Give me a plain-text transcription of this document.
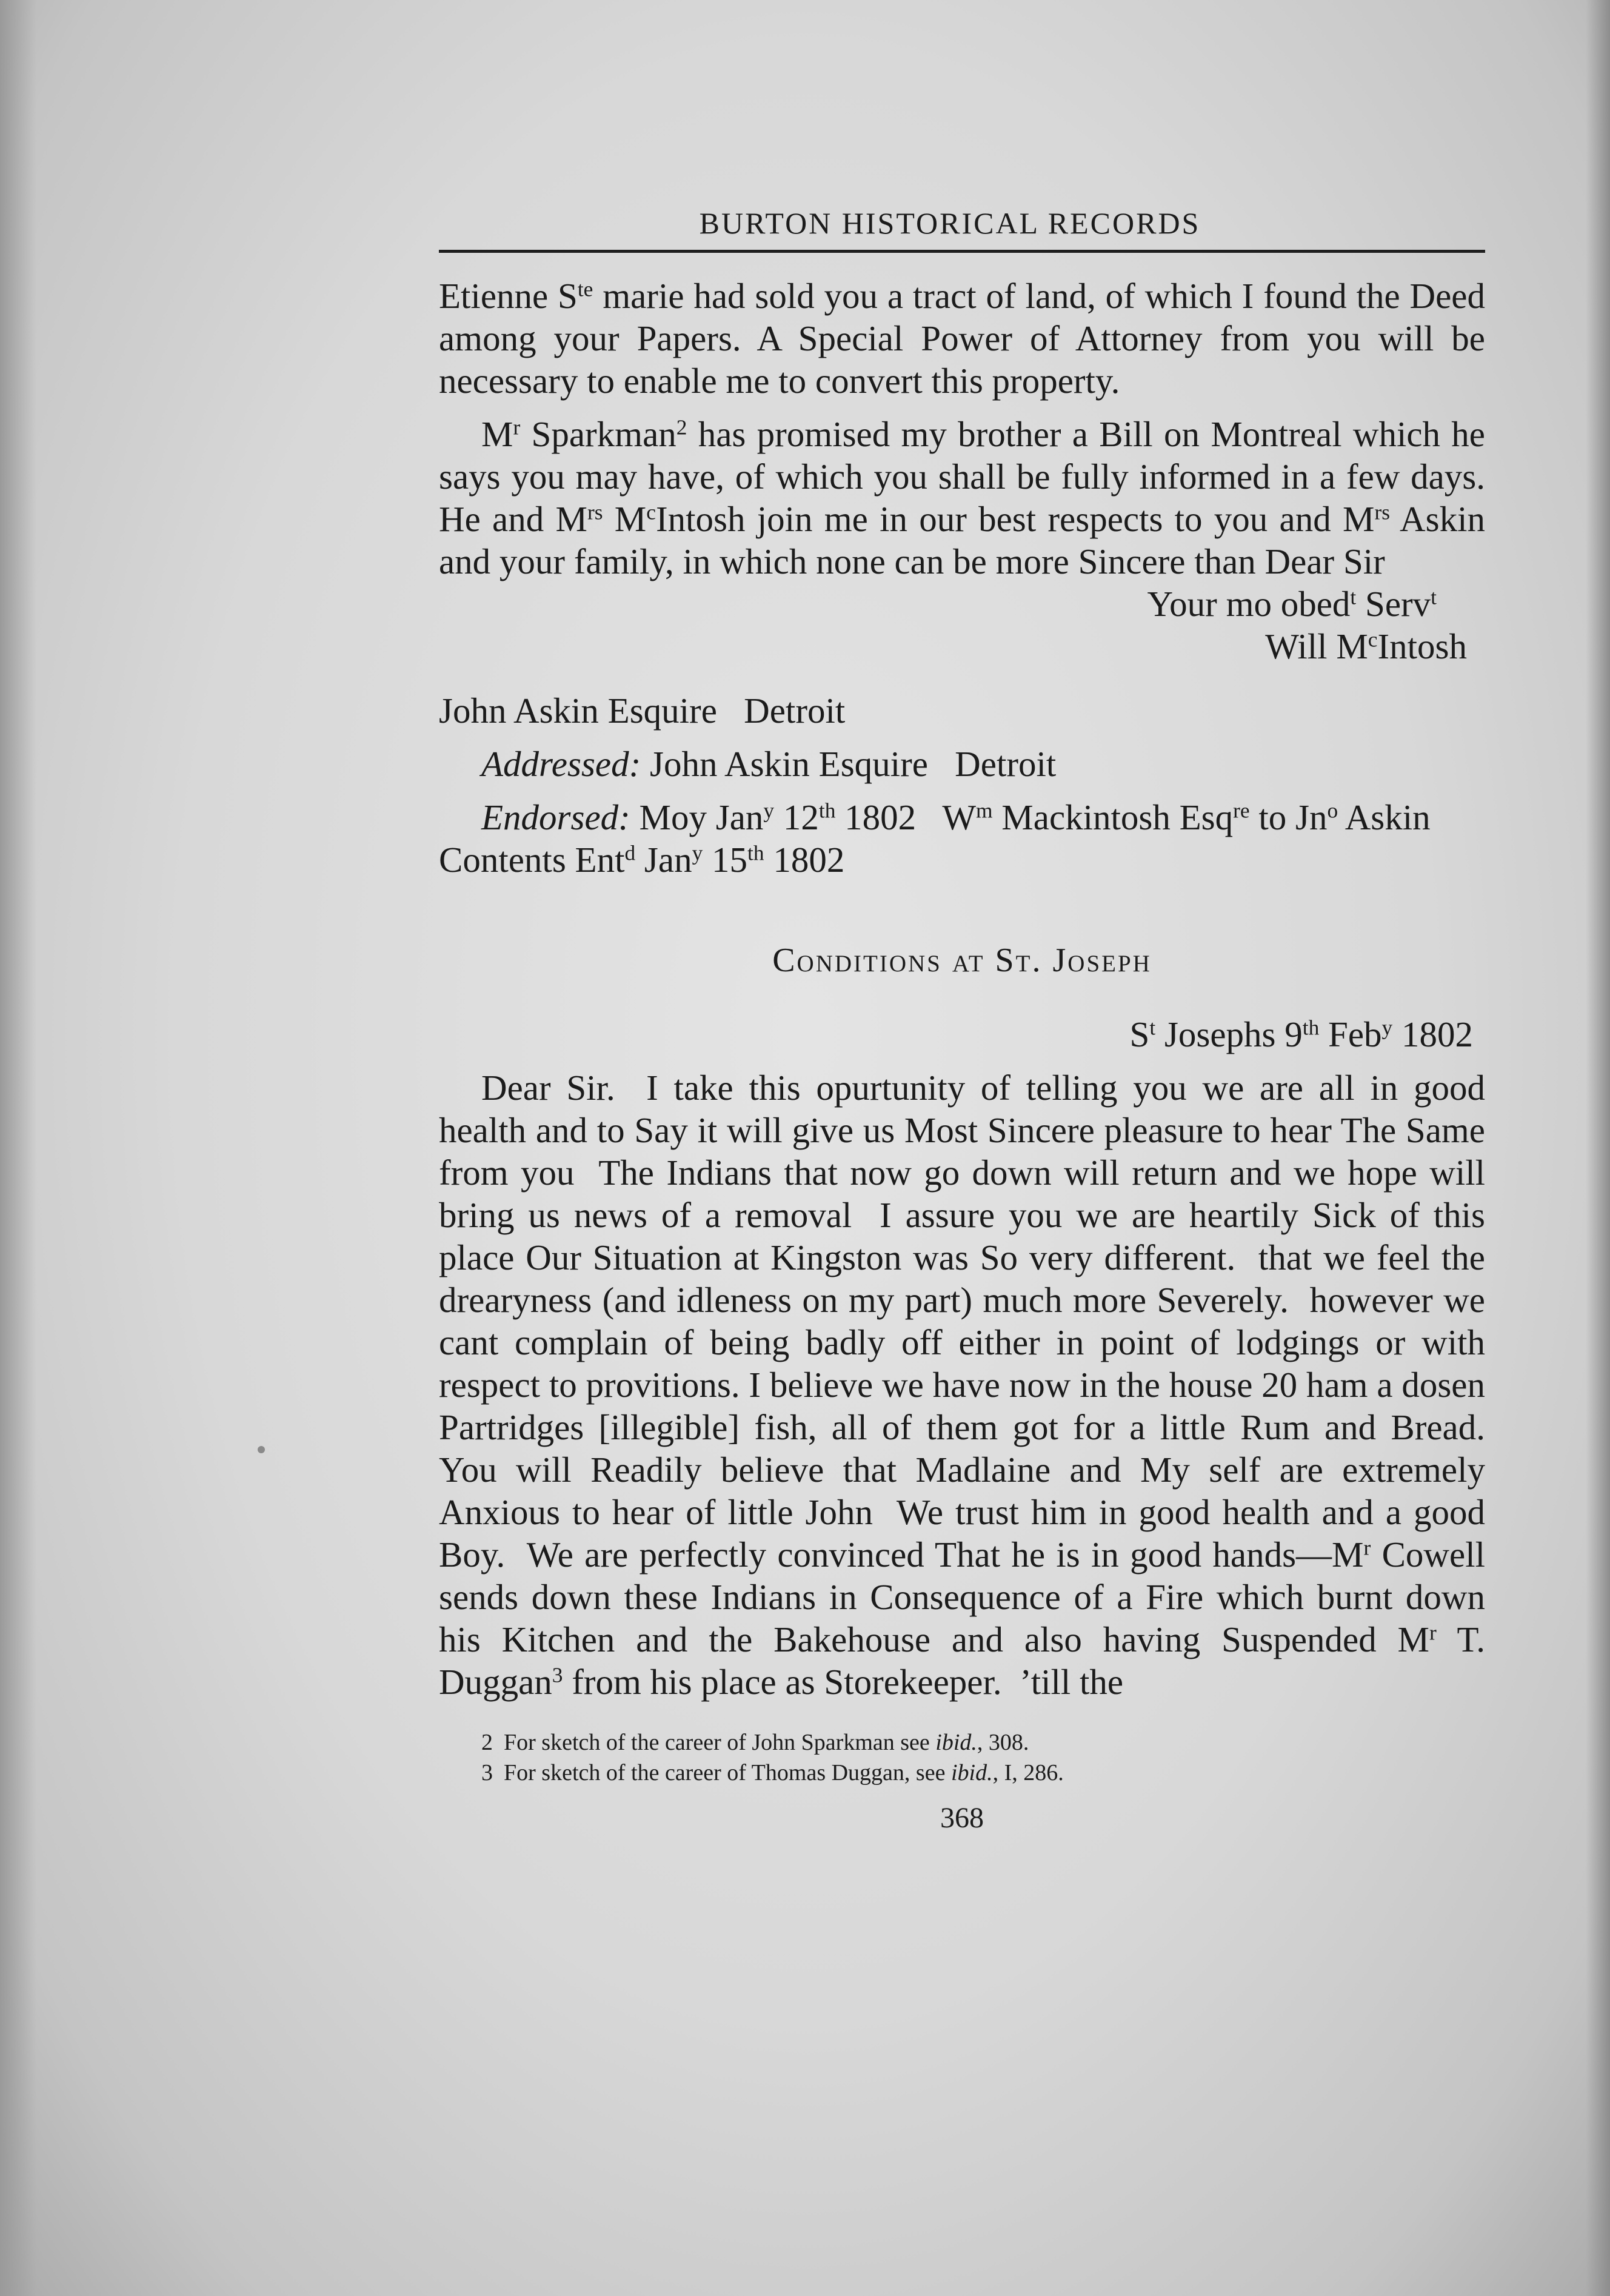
BURTON HISTORICAL RECORDS

Etienne $S^{te}$ marie had sold you a tract of land, of which I found the Deed among your Papers. A Special Power of Attorney from you will be necessary to enable me to convert this property.

$M^r$ Sparkman$^2$ has promised my brother a Bill on Montreal which he says you may have, of which you shall be fully informed in a few days. He and $M^{rs}$ $M^cIntosh$ join me in our best respects to you and $M^{rs}$ Askin and your family, in which none can be more Sincere than Dear Sir

Your mo obed$^t$ Serv$^t$

Will $M^cIntosh$

John Askin Esquire   Detroit

Addressed: John Askin Esquire   Detroit

Endorsed: Moy Jan$^y$ 12th 1802   $W^m$ Mackintosh Esq$^{re}$ to Jn$^o$ Askin   Contents Ent$^d$ Jan$^y$ 15th 1802

Conditions at St. Joseph

$S^t$ Josephs 9th Feb$^y$ 1802

Dear Sir.  I take this opurtunity of telling you we are all in good health and to Say it will give us Most Sincere pleasure to hear The Same from you  The Indians that now go down will return and we hope will bring us news of a removal  I assure you we are heartily Sick of this place Our Situation at Kingston was So very different.  that we feel the drearyness (and idleness on my part) much more Severely.  however we cant complain of being badly off either in point of lodgings or with respect to provitions. I believe we have now in the house 20 ham a dosen Partridges [illegible] fish, all of them got for a little Rum and Bread.  You will Readily believe that Madlaine and My self are extremely Anxious to hear of little John  We trust him in good health and a good Boy.  We are perfectly convinced That he is in good $hands—M^r$ Cowell sends down these Indians in Consequence of a Fire which burnt down his Kitchen and the Bakehouse and also having Suspended $M^r$ T. Duggan$^3$ from his place as Storekeeper.  ’till the

2 For sketch of the career of John Sparkman see ibid., 308.
3 For sketch of the career of Thomas Duggan, see ibid., I, 286.
368
